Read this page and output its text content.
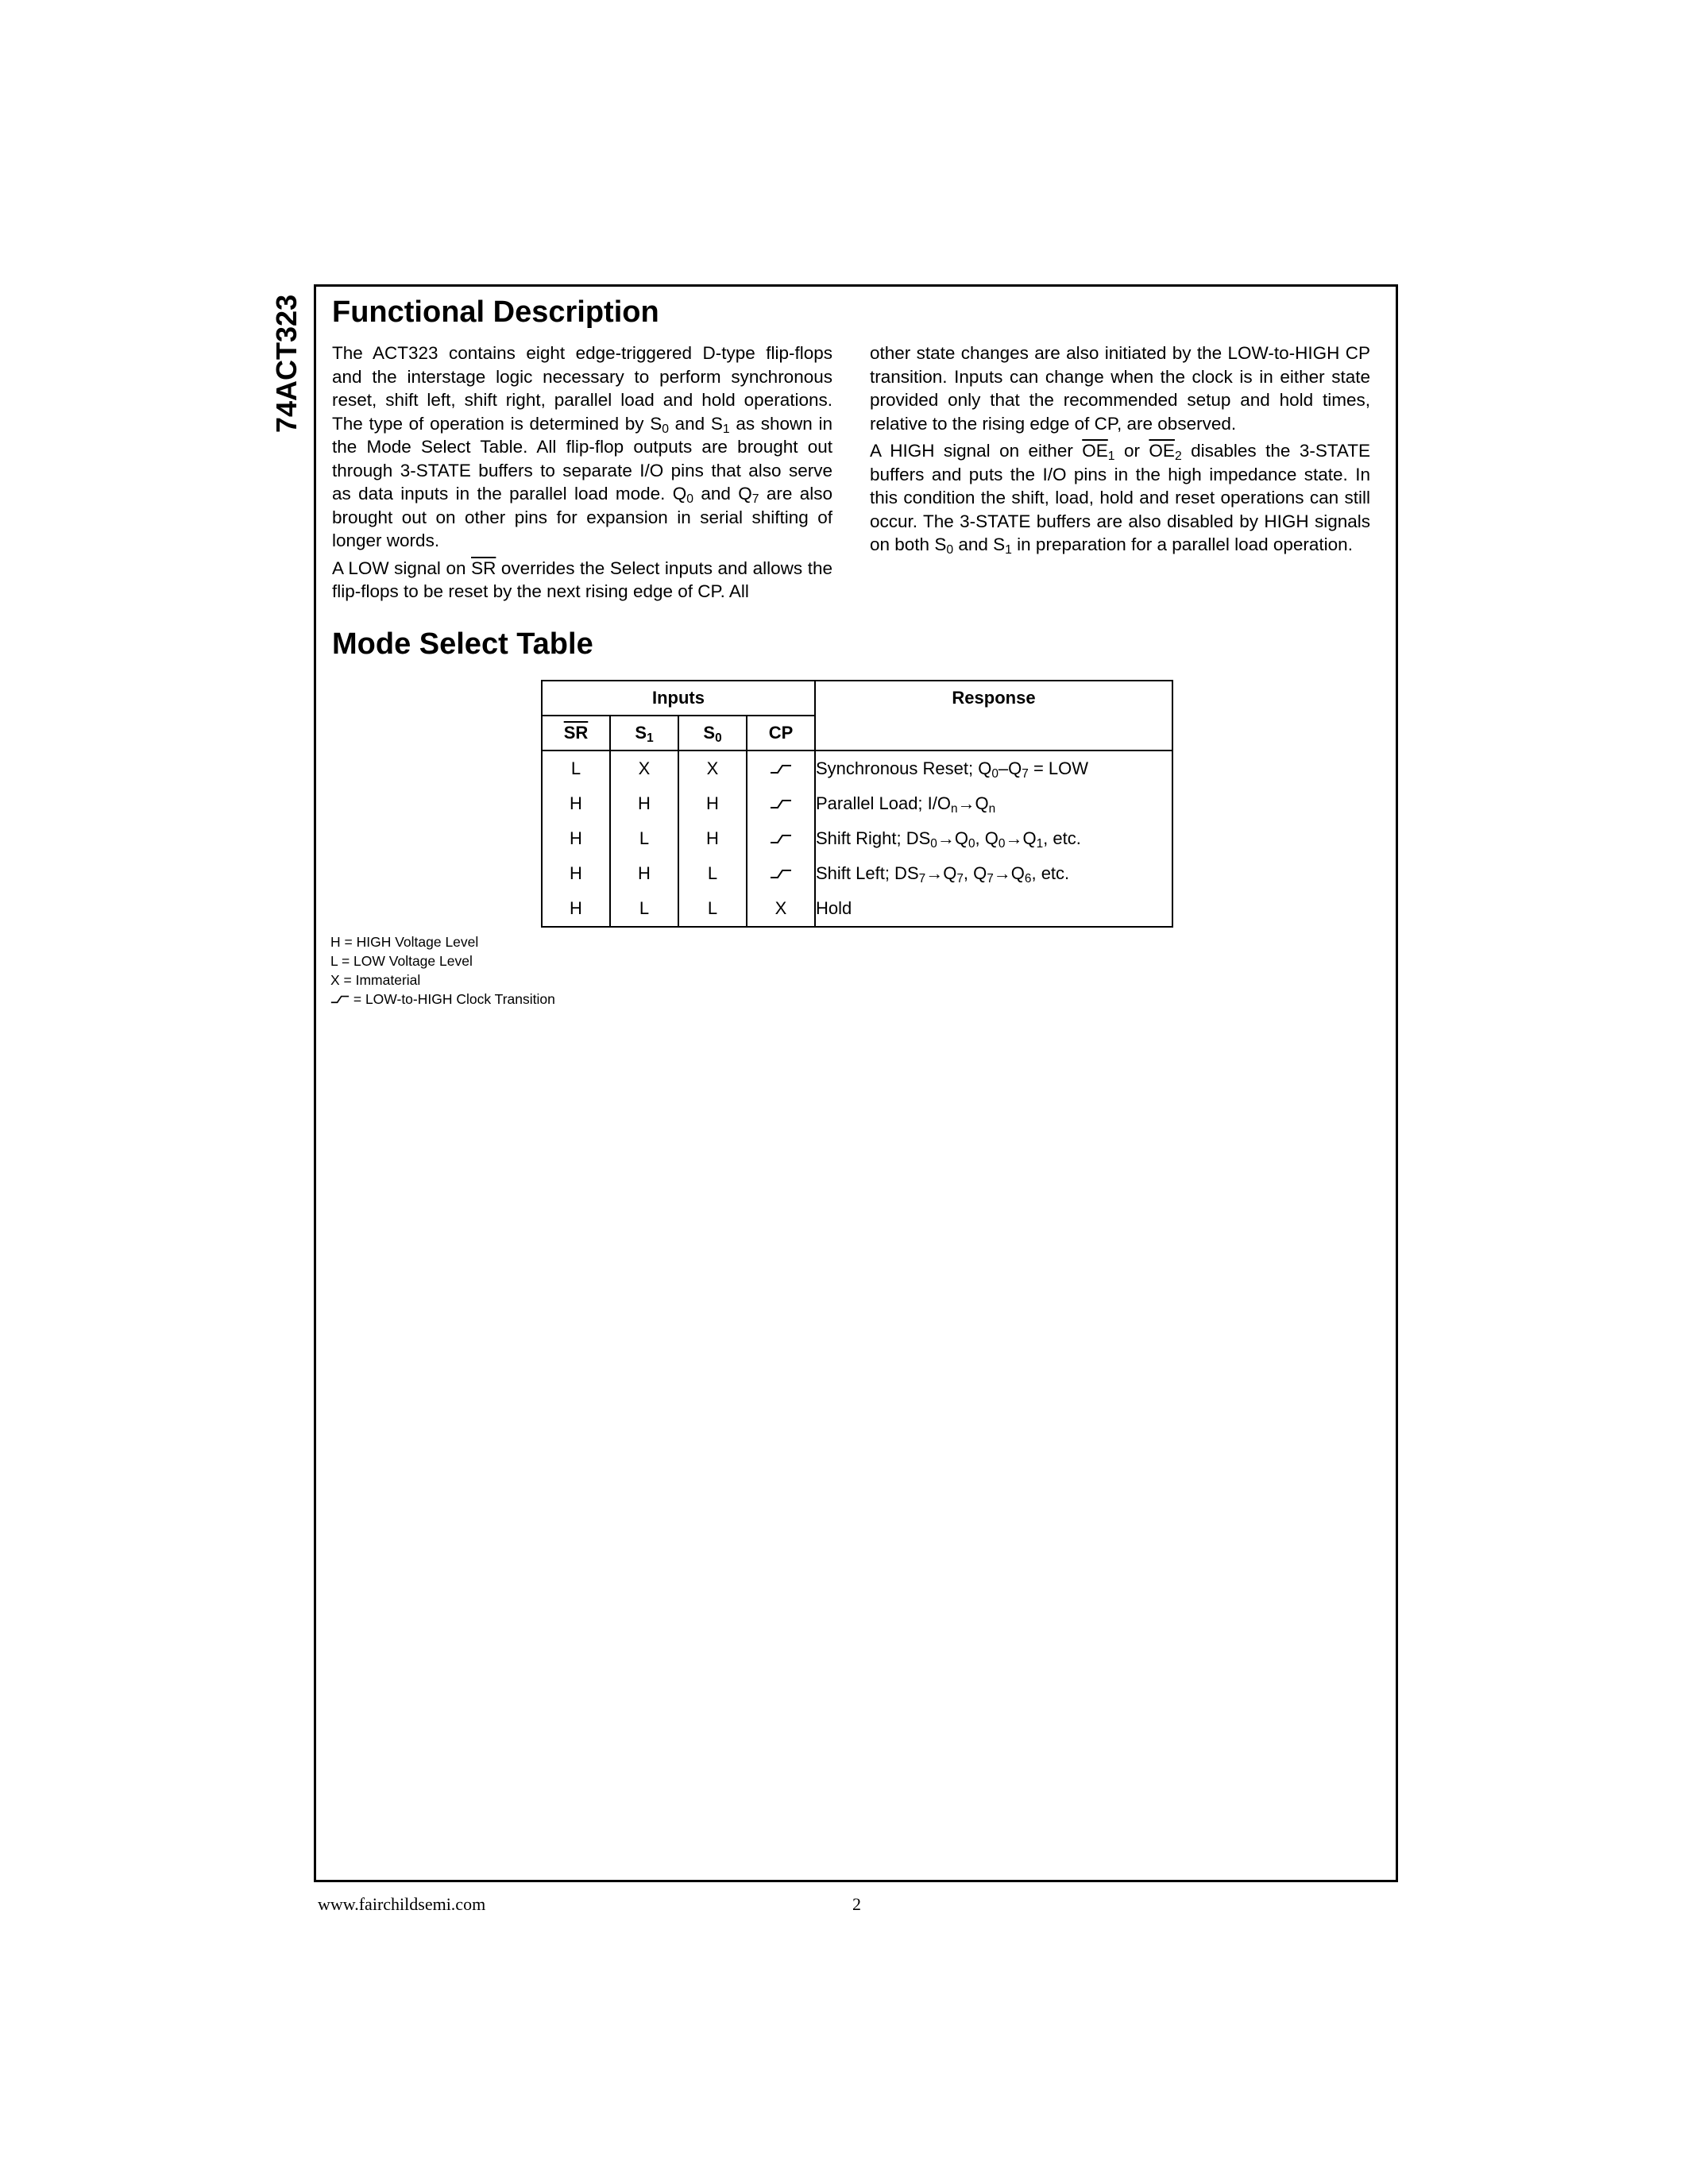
74ACT323 Functional Description

The ACT323 contains eight edge-triggered D-type flip-flops and the interstage logic necessary to perform synchronous reset, shift left, shift right, parallel load and hold operations. The type of operation is determined by $S_0$ and $S_1$ as shown in the Mode Select Table. All flip-flop outputs are brought out through 3-STATE buffers to separate I/O pins that also serve as data inputs in the parallel load mode. $Q_0$ and $Q_7$ are also brought out on other pins for expansion in serial shifting of longer words.

A LOW signal on $\overline{SR}$ overrides the Select inputs and allows the flip-flops to be reset by the next rising edge of CP. All

other state changes are also initiated by the LOW-to-HIGH CP transition. Inputs can change when the clock is in either state provided only that the recommended setup and hold times, relative to the rising edge of CP, are observed.

A HIGH signal on either $\overline{OE}_1$ or $\overline{OE}_2$ disables the 3-STATE buffers and puts the I/O pins in the high impedance state. In this condition the shift, load, hold and reset operations can still occur. The 3-STATE buffers are also disabled by HIGH signals on both $S_0$ and $S_1$ in preparation for a parallel load operation.

Mode Select Table
Inputs				Response
$\overline{SR}$	$S_1$	$S_0$	CP	
L	X	X		Synchronous Reset; $Q_0-Q_7$ = LOW
H	H	H		Parallel Load; $I/O_n\to Q_n$
H	L	H		Shift Right; $DS_0\to Q_0$, $Q_0\to Q_1$, etc.
H	H	L		Shift Left; $DS_7\to Q_7$, $Q_7\to Q_6$, etc.
H	L	L	X	Hold
H = HIGH Voltage Level
L = LOW Voltage Level
X = Immaterial
= LOW-to-HIGH Clock Transition
www.fairchildsemi.com	2
